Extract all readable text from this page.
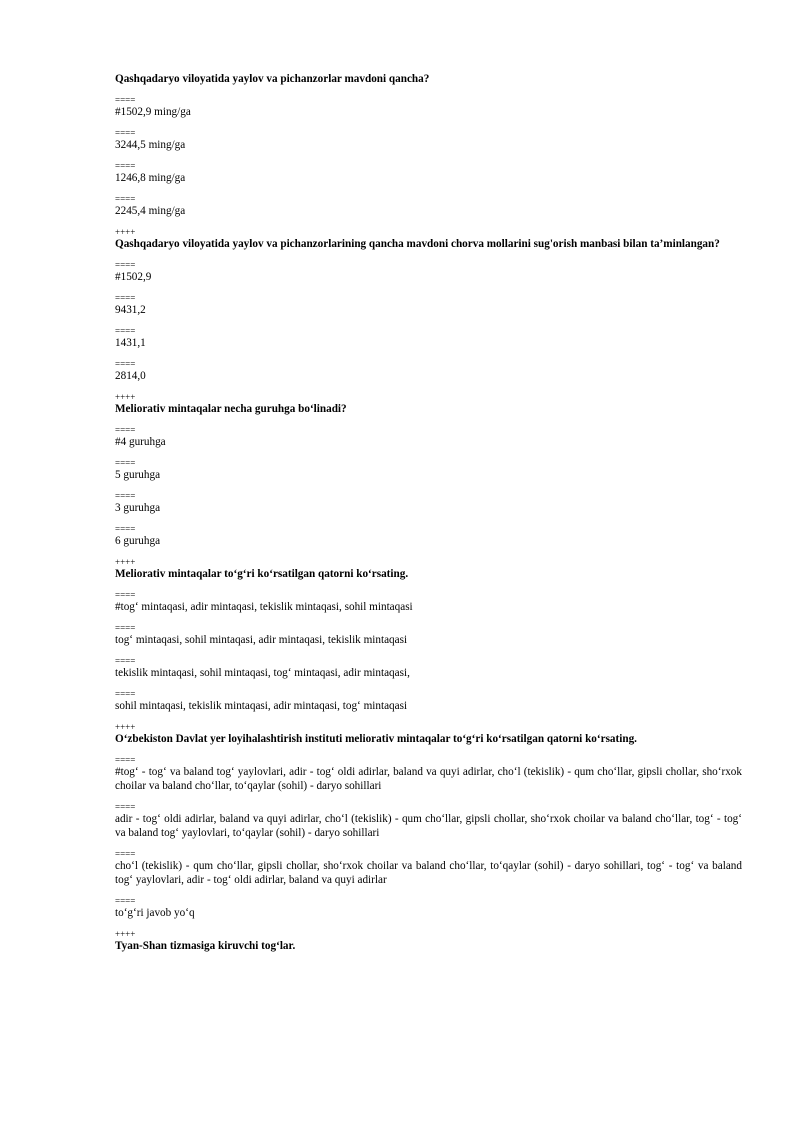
Qashqadaryo viloyatida yaylov va pichanzorlar mavdoni qancha?

====

#1502,9 ming/ga

====

3244,5 ming/ga

====

1246,8 ming/ga

====

2245,4 ming/ga

++++

Qashqadaryo viloyatida yaylov va pichanzorlarining qancha mavdoni chorva mollarini sug'orish manbasi bilan ta’minlangan?

====

#1502,9

====

9431,2

====

1431,1

====

2814,0

++++

Meliorativ mintaqalar necha guruhga bo‘linadi?

====

#4 guruhga

====

5 guruhga

====

3 guruhga

====

6 guruhga

++++

Meliorativ mintaqalar to‘g‘ri ko‘rsatilgan qatorni ko‘rsating.

====

#tog‘ mintaqasi, adir mintaqasi, tekislik mintaqasi, sohil mintaqasi

====

tog‘ mintaqasi, sohil mintaqasi, adir mintaqasi, tekislik mintaqasi

====

tekislik mintaqasi, sohil mintaqasi, tog‘ mintaqasi, adir mintaqasi,

====

sohil mintaqasi, tekislik mintaqasi, adir mintaqasi, tog‘ mintaqasi

++++

O‘zbekiston Davlat yer loyihalashtirish instituti meliorativ mintaqalar to‘g‘ri ko‘rsatilgan qatorni ko‘rsating.

====

#tog‘ - tog‘ va baland tog‘ yaylovlari, adir - tog‘ oldi adirlar, baland va quyi adirlar, cho‘l (tekislik) - qum cho‘llar, gipsli chollar, sho‘rxok choilar va baland cho‘llar, to‘qaylar (sohil) - daryo sohillari

====

adir - tog‘ oldi adirlar, baland va quyi adirlar, cho‘l (tekislik) - qum cho‘llar, gipsli chollar, sho‘rxok choilar va baland cho‘llar, tog‘ - tog‘ va baland tog‘ yaylovlari, to‘qaylar (sohil) - daryo sohillari

====

cho‘l (tekislik) - qum cho‘llar, gipsli chollar, sho‘rxok choilar va baland cho‘llar, to‘qaylar (sohil) - daryo sohillari, tog‘ - tog‘ va baland tog‘ yaylovlari, adir - tog‘ oldi adirlar, baland va quyi adirlar

====

to‘g‘ri javob yo‘q

++++

Tyan-Shan tizmasiga kiruvchi tog‘lar.
